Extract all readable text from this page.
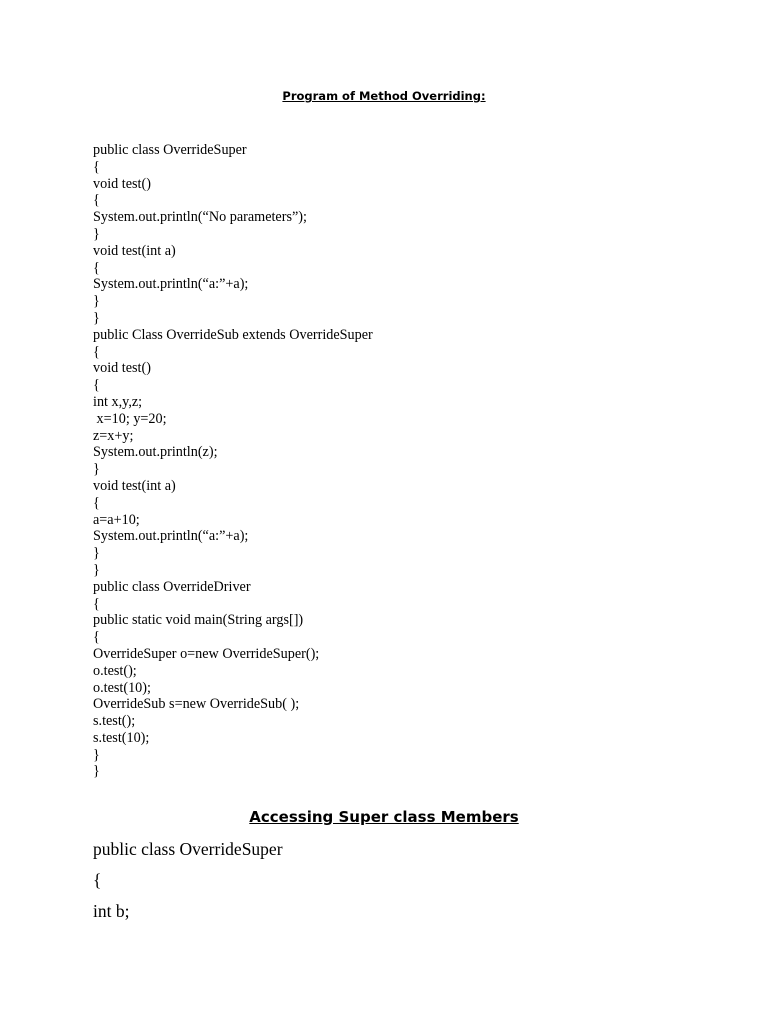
Program of Method Overriding:
public class OverrideSuper
{
void test()
{
System.out.println(“No parameters”);
}
void test(int a)
{
System.out.println(“a:”+a);
}
}
public Class OverrideSub extends OverrideSuper
{
void test()
{
int x,y,z;
x=10; y=20;
z=x+y;
System.out.println(z);
}
void test(int a)
{
a=a+10;
System.out.println(“a:”+a);
}
}
public class OverrideDriver
{
public static void main(String args[])
{
OverrideSuper o=new OverrideSuper();
o.test();
o.test(10);
OverrideSub s=new OverrideSub( );
s.test();
s.test(10);
}
}
Accessing Super class Members
public class OverrideSuper
{
int b;
